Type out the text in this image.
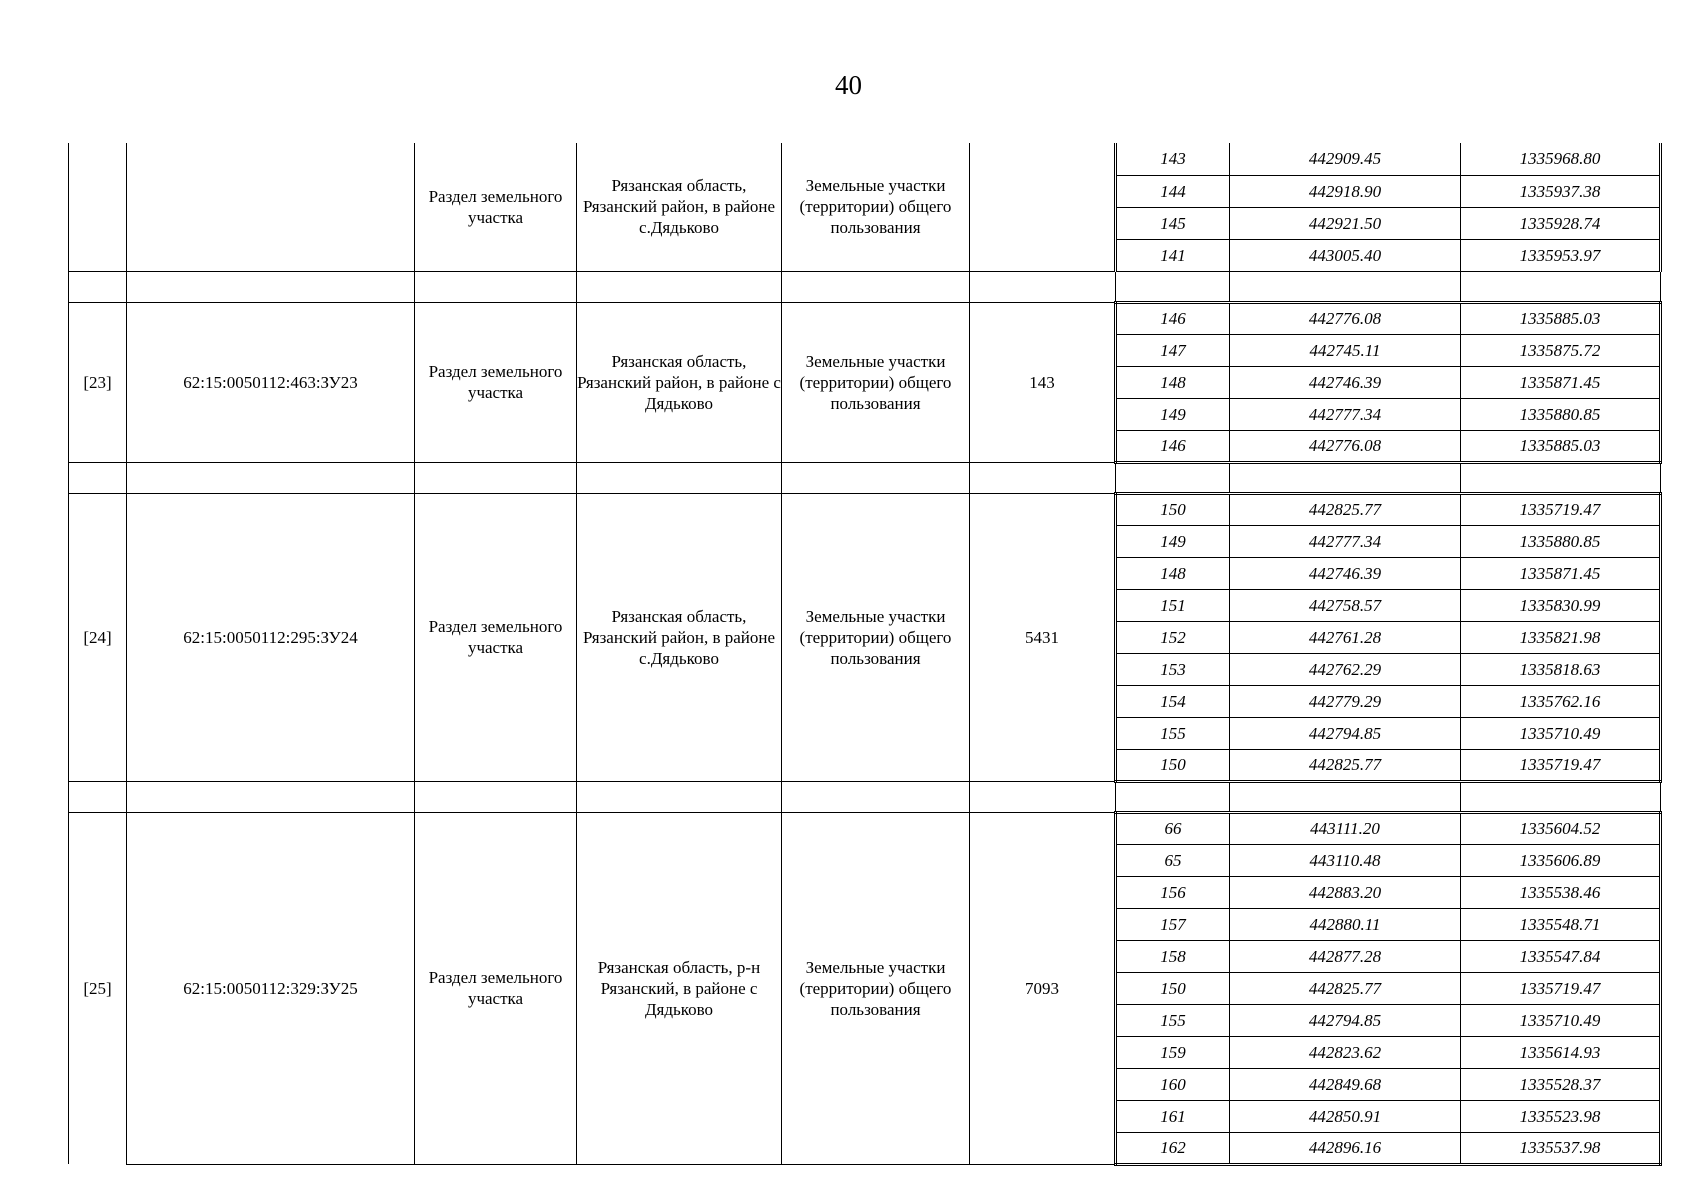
40
		Раздел земельного участка	Рязанская область, Рязанский район, в районе с.Дядьково	Земельные участки (территории) общего пользования		143	442909.45	1335968.80
						144	442918.90	1335937.38
						145	442921.50	1335928.74
						141	443005.40	1335953.97

[23]	62:15:0050112:463:ЗУ23	Раздел земельного участка	Рязанская область, Рязанский район, в районе с Дядьково	Земельные участки (территории) общего пользования	143	146	442776.08	1335885.03
						147	442745.11	1335875.72
						148	442746.39	1335871.45
						149	442777.34	1335880.85
						146	442776.08	1335885.03

[24]	62:15:0050112:295:ЗУ24	Раздел земельного участка	Рязанская область, Рязанский район, в районе с.Дядьково	Земельные участки (территории) общего пользования	5431	150	442825.77	1335719.47
						149	442777.34	1335880.85
						148	442746.39	1335871.45
						151	442758.57	1335830.99
						152	442761.28	1335821.98
						153	442762.29	1335818.63
						154	442779.29	1335762.16
						155	442794.85	1335710.49
						150	442825.77	1335719.47

[25]	62:15:0050112:329:ЗУ25	Раздел земельного участка	Рязанская область, р-н Рязанский, в районе с Дядьково	Земельные участки (территории) общего пользования	7093	66	443111.20	1335604.52
						65	443110.48	1335606.89
						156	442883.20	1335538.46
						157	442880.11	1335548.71
						158	442877.28	1335547.84
						150	442825.77	1335719.47
						155	442794.85	1335710.49
						159	442823.62	1335614.93
						160	442849.68	1335528.37
						161	442850.91	1335523.98
						162	442896.16	1335537.98
